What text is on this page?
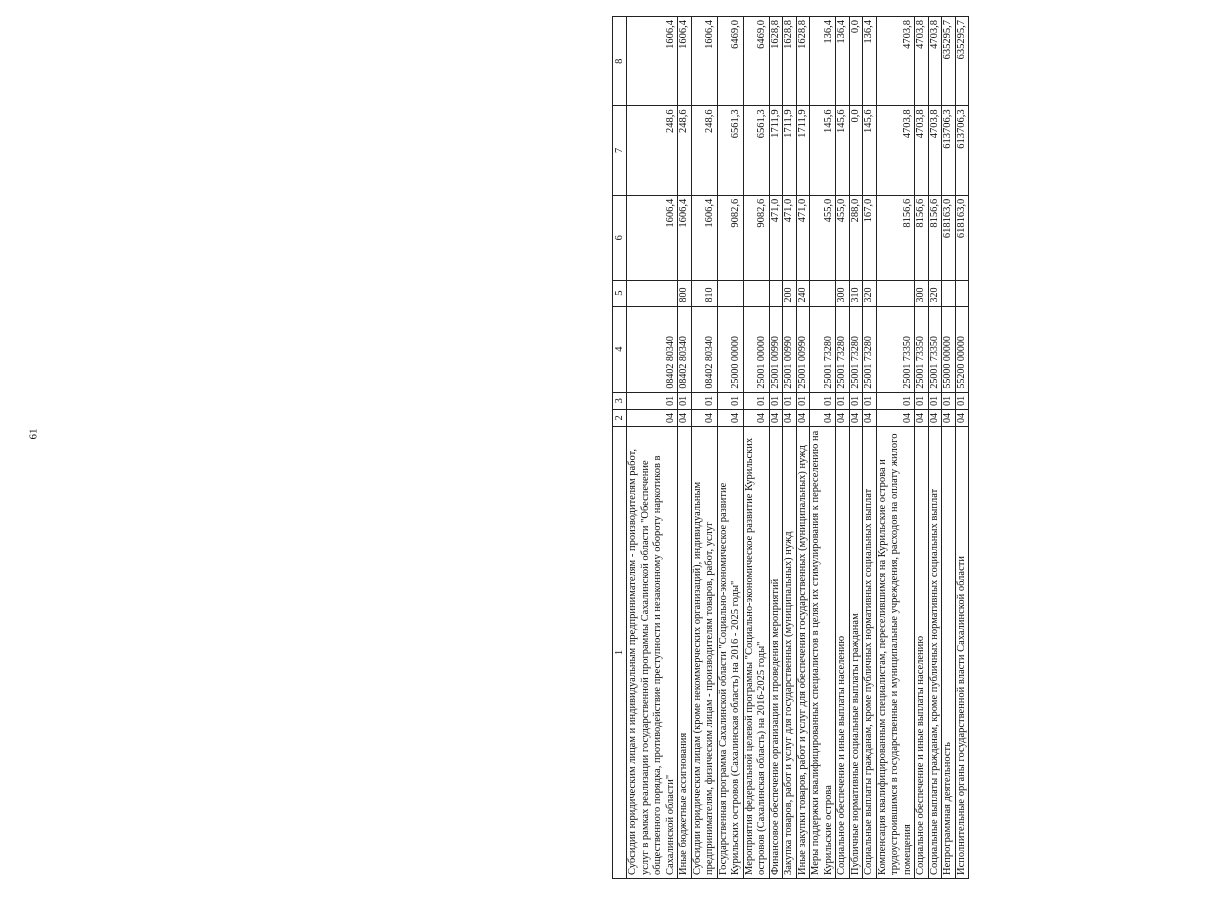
61
1	2	3	4	5	6	7	8
Субсидии юридическим лицам и индивидуальным предпринимателям - производителям работ, услуг в рамках реализации государственной программы Сахалинской области "Обеспечение общественного порядка, противодействие преступности и незаконному обороту наркотиков в Сахалинской области"	04	01	08402 80340		1606,4	248,6	1606,4
Иные бюджетные ассигнования	04	01	08402 80340	800	1606,4	248,6	1606,4
Субсидии юридическим лицам (кроме некоммерческих организаций), индивидуальным предпринимателям, физическим лицам - производителям товаров, работ, услуг	04	01	08402 80340	810	1606,4	248,6	1606,4
Государственная программа Сахалинской области "Социально-экономическое развитие Курильских островов (Сахалинская область) на 2016 - 2025 годы"	04	01	25000 00000		9082,6	6561,3	6469,0
Мероприятия федеральной целевой программы "Социально-экономическое развитие Курильских островов (Сахалинская область) на 2016-2025 годы"	04	01	25001 00000		9082,6	6561,3	6469,0
Финансовое обеспечение организации и проведения мероприятий	04	01	25001 00990		471,0	1711,9	1628,8
Закупка товаров, работ и услуг для государственных (муниципальных) нужд	04	01	25001 00990	200	471,0	1711,9	1628,8
Иные закупки товаров, работ и услуг для обеспечения государственных (муниципальных) нужд	04	01	25001 00990	240	471,0	1711,9	1628,8
Меры поддержки квалифицированных специалистов в целях их стимулирования к переселению на Курильские острова	04	01	25001 73280		455,0	145,6	136,4
Социальное обеспечение и иные выплаты населению	04	01	25001 73280	300	455,0	145,6	136,4
Публичные нормативные социальные выплаты гражданам	04	01	25001 73280	310	288,0	0,0	0,0
Социальные выплаты гражданам, кроме публичных нормативных социальных выплат	04	01	25001 73280	320	167,0	145,6	136,4
Компенсация квалифицированным специалистам, переселившимся на Курильские острова и трудоустроившимся в государственные и муниципальные учреждения, расходов на оплату жилого помещения	04	01	25001 73350		8156,6	4703,8	4703,8
Социальное обеспечение и иные выплаты населению	04	01	25001 73350	300	8156,6	4703,8	4703,8
Социальные выплаты гражданам, кроме публичных нормативных социальных выплат	04	01	25001 73350	320	8156,6	4703,8	4703,8
Непрограммная деятельность	04	01	55000 00000		618163,0	613706,3	635295,7
Исполнительные органы государственной власти Сахалинской области	04	01	55200 00000		618163,0	613706,3	635295,7
